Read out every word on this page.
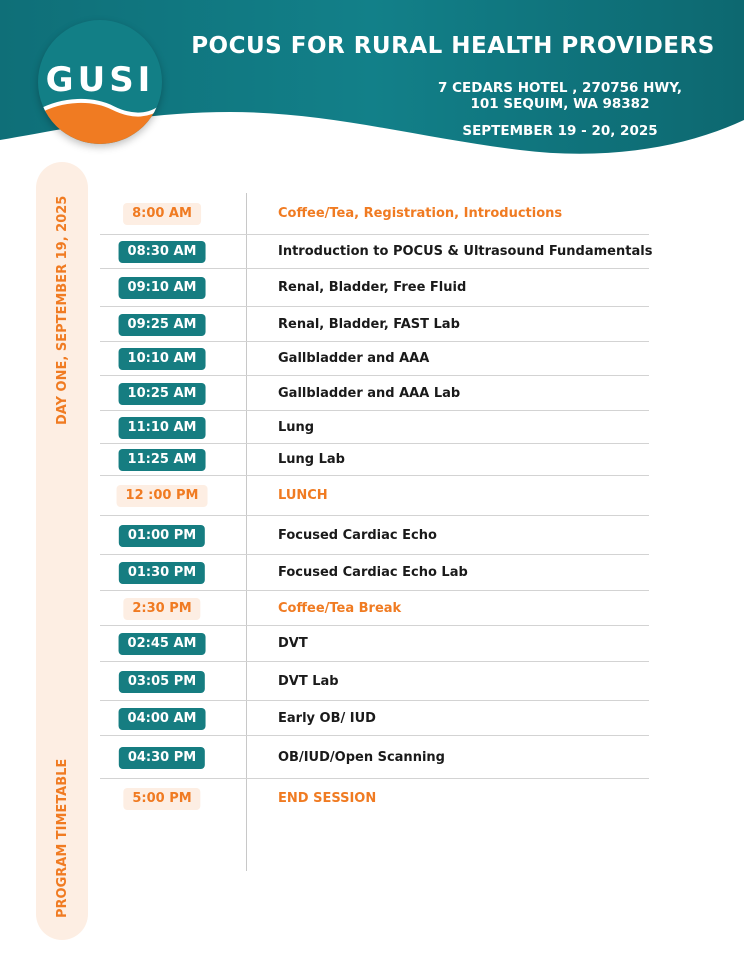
GUSI
POCUS FOR RURAL HEALTH PROVIDERS
7 CEDARS HOTEL , 270756 HWY,
101 SEQUIM, WA 98382
SEPTEMBER 19 - 20, 2025
DAY ONE, SEPTEMBER 19, 2025
PROGRAM TIMETABLE
8:00 AM	Coffee/Tea, Registration, Introductions
08:30 AM	Introduction to POCUS & Ultrasound Fundamentals
09:10 AM	Renal, Bladder, Free Fluid
09:25 AM	Renal, Bladder, FAST Lab
10:10 AM	Gallbladder and AAA
10:25 AM	Gallbladder and AAA Lab
11:10 AM	Lung
11:25 AM	Lung Lab
12 :00 PM	LUNCH
01:00 PM	Focused Cardiac Echo
01:30 PM	Focused Cardiac Echo Lab
2:30 PM	Coffee/Tea Break
02:45 AM	DVT
03:05 PM	DVT Lab
04:00 AM	Early OB/ IUD
04:30 PM	OB/IUD/Open Scanning
5:00 PM	END SESSION
